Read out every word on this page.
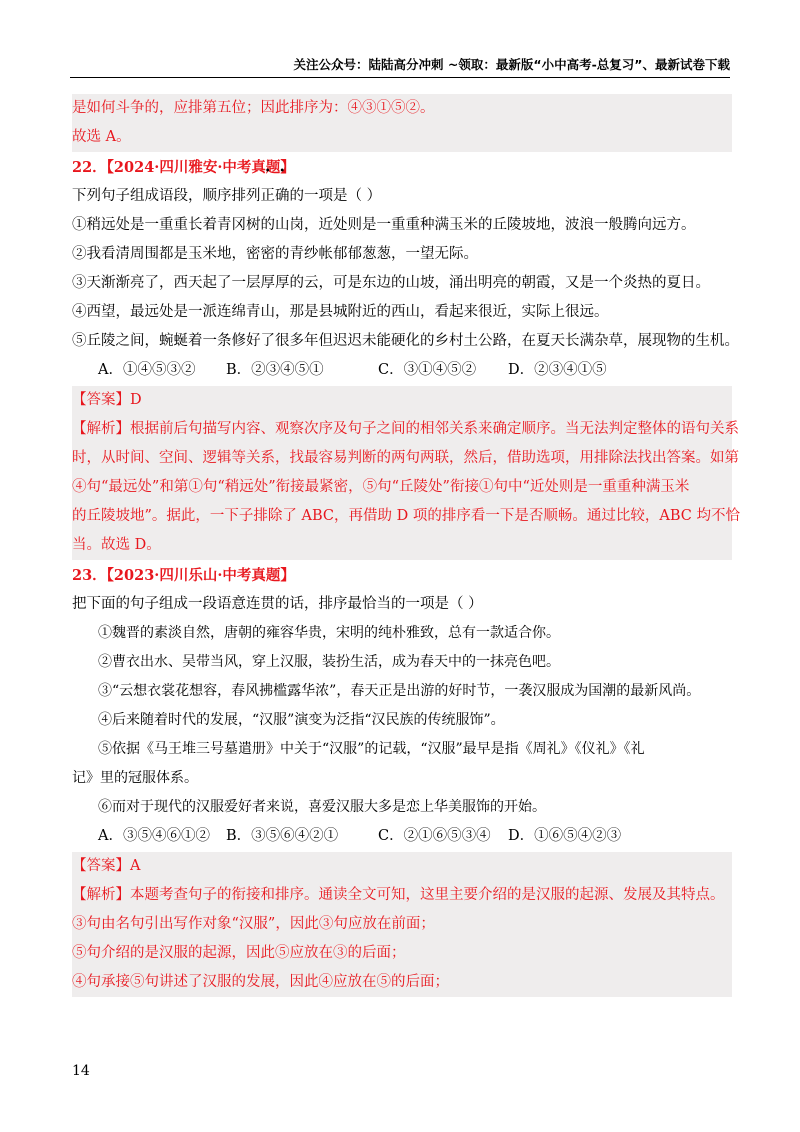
关注公众号：陆陆高分冲刺 ~领取：最新版“小中高考-总复习”、最新试卷下载
是如何斗争的，应排第五位；因此排序为：④③①⑤②。
故选 A。
22．【2024·四川雅安·中考真题】
下列句子组成语段，顺序排列正确的一项是（ ）
①稍远处是一重重长着青冈树的山岗，近处则是一重重种满玉米的丘陵坡地，波浪一般腾向远方。
②我看清周围都是玉米地，密密的青纱帐郁郁葱葱，一望无际。
③天渐渐亮了，西天起了一层厚厚的云，可是东边的山坡，涌出明亮的朝霞，又是一个炎热的夏日。
④西望，最远处是一派连绵青山，那是县城附近的西山，看起来很近，实际上很远。
⑤丘陵之间，蜿蜒着一条修好了很多年但迟迟未能硬化的乡村土公路，在夏天长满杂草，展现物的生机。
A．①④⑤③② B．②③④⑤①	C．③①④⑤② D．②③④①⑤
【答案】D
【解析】根据前后句描写内容、观察次序及句子之间的相邻关系来确定顺序。当无法判定整体的语句关系
时，从时间、空间、逻辑等关系，找最容易判断的两句两联，然后，借助选项，用排除法找出答案。如第
④句“最远处”和第①句“稍远处”衔接最紧密，⑤句“丘陵处”衔接①句中“近处则是一重重种满玉米
的丘陵坡地”。据此，一下子排除了 ABC，再借助 D 项的排序看一下是否顺畅。通过比较，ABC 均不恰
当。故选 D。
23．【2023·四川乐山·中考真题】
把下面的句子组成一段语意连贯的话，排序最恰当的一项是（ ）
①魏晋的素淡自然，唐朝的雍容华贵，宋明的纯朴雅致，总有一款适合你。
②曹衣出水、吴带当风，穿上汉服，装扮生活，成为春天中的一抹亮色吧。
③“云想衣裳花想容，春风拂槛露华浓”，春天正是出游的好时节，一袭汉服成为国潮的最新风尚。
④后来随着时代的发展，“汉服”演变为泛指“汉民族的传统服饰”。
⑤依据《马王堆三号墓遣册》中关于“汉服”的记载，“汉服”最早是指《周礼》《仪礼》《礼
记》里的冠服体系。
⑥而对于现代的汉服爱好者来说，喜爱汉服大多是恋上华美服饰的开始。
A．③⑤④⑥①② B．③⑤⑥④②①	C．②①⑥⑤③④ D．①⑥⑤④②③
【答案】A
【解析】本题考查句子的衔接和排序。通读全文可知，这里主要介绍的是汉服的起源、发展及其特点。
③句由名句引出写作对象“汉服”，因此③句应放在前面；
⑤句介绍的是汉服的起源，因此⑤应放在③的后面；
④句承接⑤句讲述了汉服的发展，因此④应放在⑤的后面；
14
